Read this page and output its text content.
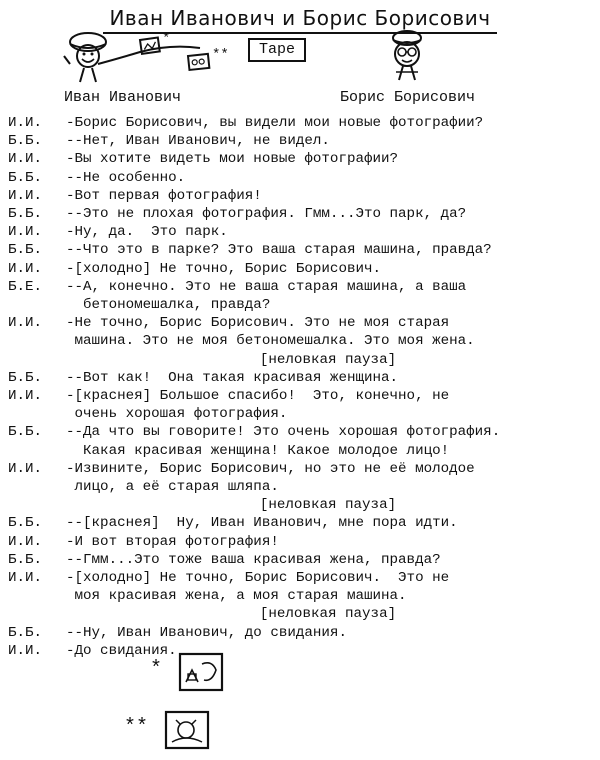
Иван Иванович и Борис Борисович
Tape
*
**
Иван Иванович	Борис Борисович
И.И.	-Борис Борисович, вы видели мои новые фотографии?
Б.Б.	--Нет, Иван Иванович, не видел.
И.И.	-Вы хотите видеть мои новые фотографии?
Б.Б.	--Не особенно.
И.И.	-Вот первая фотография!
Б.Б.	--Это не плохая фотография. Гмм...Это парк, да?
И.И.	-Ну, да.  Это парк.
Б.Б.	--Что это в парке? Это ваша старая машина, правда?
И.И.	-[холодно] Не точно, Борис Борисович.
Б.Е.	--А, конечно. Это не ваша старая машина, а ваша
бетономешалка, правда?
И.И.	-Не точно, Борис Борисович. Это не моя старая
машина. Это не моя бетономешалка. Это моя жена.
[неловкая пауза]
Б.Б.	--Вот как!  Она такая красивая женщина.
И.И.	-[краснея] Большое спасибо!  Это, конечно, не
очень хорошая фотография.
Б.Б.	--Да что вы говорите! Это очень хорошая фотография.
Какая красивая женщина! Какое молодое лицо!
И.И.	-Извините, Борис Борисович, но это не её молодое
лицо, а её старая шляпа.
[неловкая пауза]
Б.Б.	--[краснея]  Ну, Иван Иванович, мне пора идти.
И.И.	-И вот вторая фотография!
Б.Б.	--Гмм...Это тоже ваша красивая жена, правда?
И.И.	-[холодно] Не точно, Борис Борисович.  Это не
моя красивая жена, а моя старая машина.
[неловкая пауза]
Б.Б.	--Ну, Иван Иванович, до свидания.
И.И.	-До свидания.
*
**
